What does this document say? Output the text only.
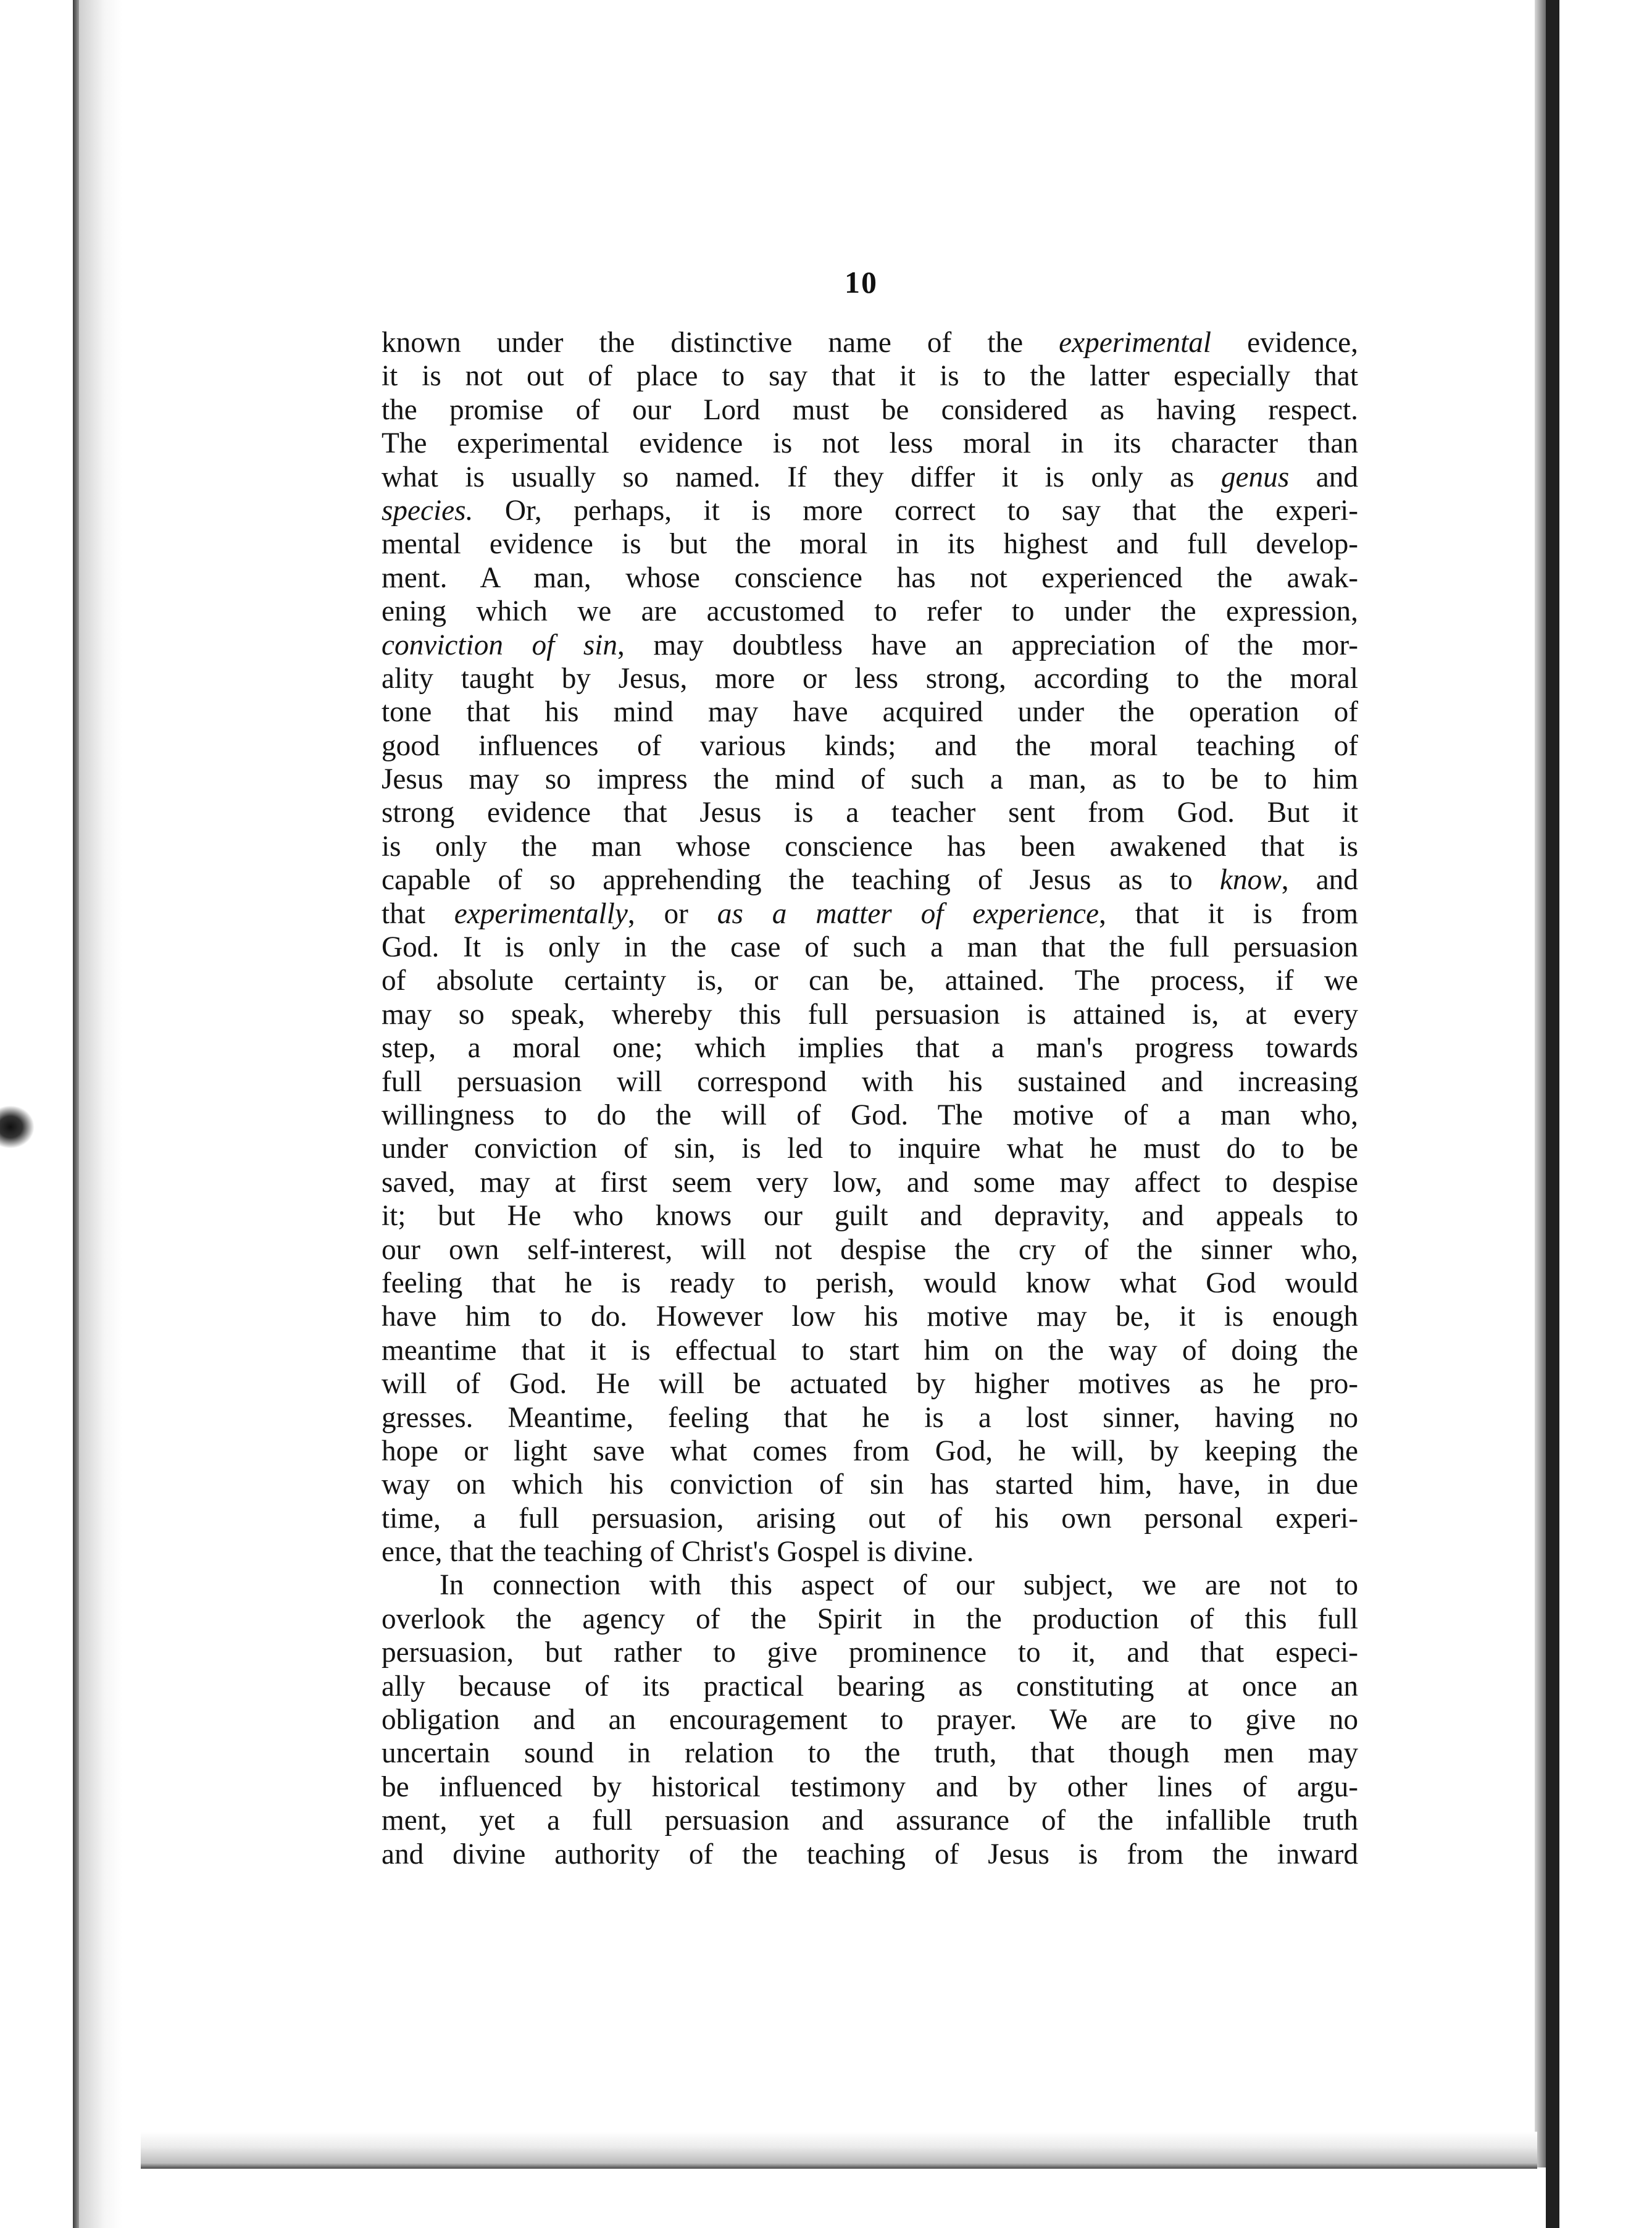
10
known under the distinctive name of the experimental evidence,
it is not out of place to say that it is to the latter especially that
the promise of our Lord must be considered as having respect.
The experimental evidence is not less moral in its character than
what is usually so named. If they differ it is only as genus and
species. Or, perhaps, it is more correct to say that the experi-
mental evidence is but the moral in its highest and full develop-
ment. A man, whose conscience has not experienced the awak-
ening which we are accustomed to refer to under the expression,
conviction of sin, may doubtless have an appreciation of the mor-
ality taught by Jesus, more or less strong, according to the moral
tone that his mind may have acquired under the operation of
good influences of various kinds; and the moral teaching of
Jesus may so impress the mind of such a man, as to be to him
strong evidence that Jesus is a teacher sent from God. But it
is only the man whose conscience has been awakened that is
capable of so apprehending the teaching of Jesus as to know, and
that experimentally, or as a matter of experience, that it is from
God. It is only in the case of such a man that the full persuasion
of absolute certainty is, or can be, attained. The process, if we
may so speak, whereby this full persuasion is attained is, at every
step, a moral one; which implies that a man's progress towards
full persuasion will correspond with his sustained and increasing
willingness to do the will of God. The motive of a man who,
under conviction of sin, is led to inquire what he must do to be
saved, may at first seem very low, and some may affect to despise
it; but He who knows our guilt and depravity, and appeals to
our own self-interest, will not despise the cry of the sinner who,
feeling that he is ready to perish, would know what God would
have him to do. However low his motive may be, it is enough
meantime that it is effectual to start him on the way of doing the
will of God. He will be actuated by higher motives as he pro-
gresses. Meantime, feeling that he is a lost sinner, having no
hope or light save what comes from God, he will, by keeping the
way on which his conviction of sin has started him, have, in due
time, a full persuasion, arising out of his own personal experi-
ence, that the teaching of Christ's Gospel is divine.
In connection with this aspect of our subject, we are not to
overlook the agency of the Spirit in the production of this full
persuasion, but rather to give prominence to it, and that especi-
ally because of its practical bearing as constituting at once an
obligation and an encouragement to prayer. We are to give no
uncertain sound in relation to the truth, that though men may
be influenced by historical testimony and by other lines of argu-
ment, yet a full persuasion and assurance of the infallible truth
and divine authority of the teaching of Jesus is from the inward
